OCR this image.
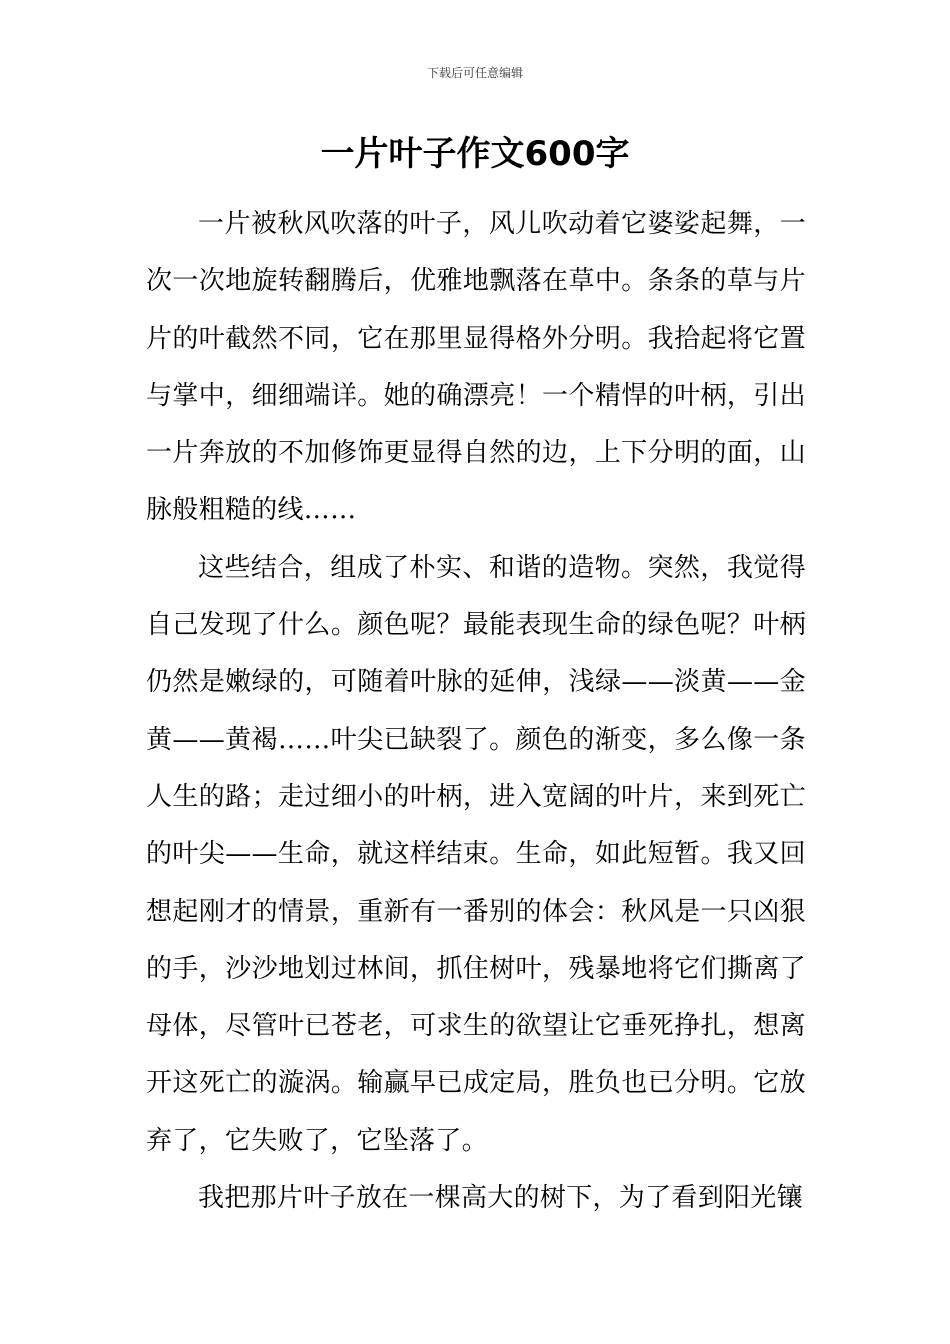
下载后可任意编辑
一片叶子作文600字

一片被秋风吹落的叶子，风儿吹动着它婆娑起舞，一次一次地旋转翻腾后，优雅地飘落在草中。条条的草与片片的叶截然不同，它在那里显得格外分明。我拾起将它置与掌中，细细端详。她的确漂亮！一个精悍的叶柄，引出一片奔放的不加修饰更显得自然的边，上下分明的面，山脉般粗糙的线……

这些结合，组成了朴实、和谐的造物。突然，我觉得自己发现了什么。颜色呢？最能表现生命的绿色呢？叶柄仍然是嫩绿的，可随着叶脉的延伸，浅绿——淡黄——金黄——黄褐……叶尖已缺裂了。颜色的渐变，多么像一条人生的路；走过细小的叶柄，进入宽阔的叶片，来到死亡的叶尖——生命，就这样结束。生命，如此短暂。我又回想起刚才的情景，重新有一番别的体会：秋风是一只凶狠的手，沙沙地划过林间，抓住树叶，残暴地将它们撕离了母体，尽管叶已苍老，可求生的欲望让它垂死挣扎，想离开这死亡的漩涡。输赢早已成定局，胜负也已分明。它放弃了，它失败了，它坠落了。

我把那片叶子放在一棵高大的树下，为了看到阳光镶
